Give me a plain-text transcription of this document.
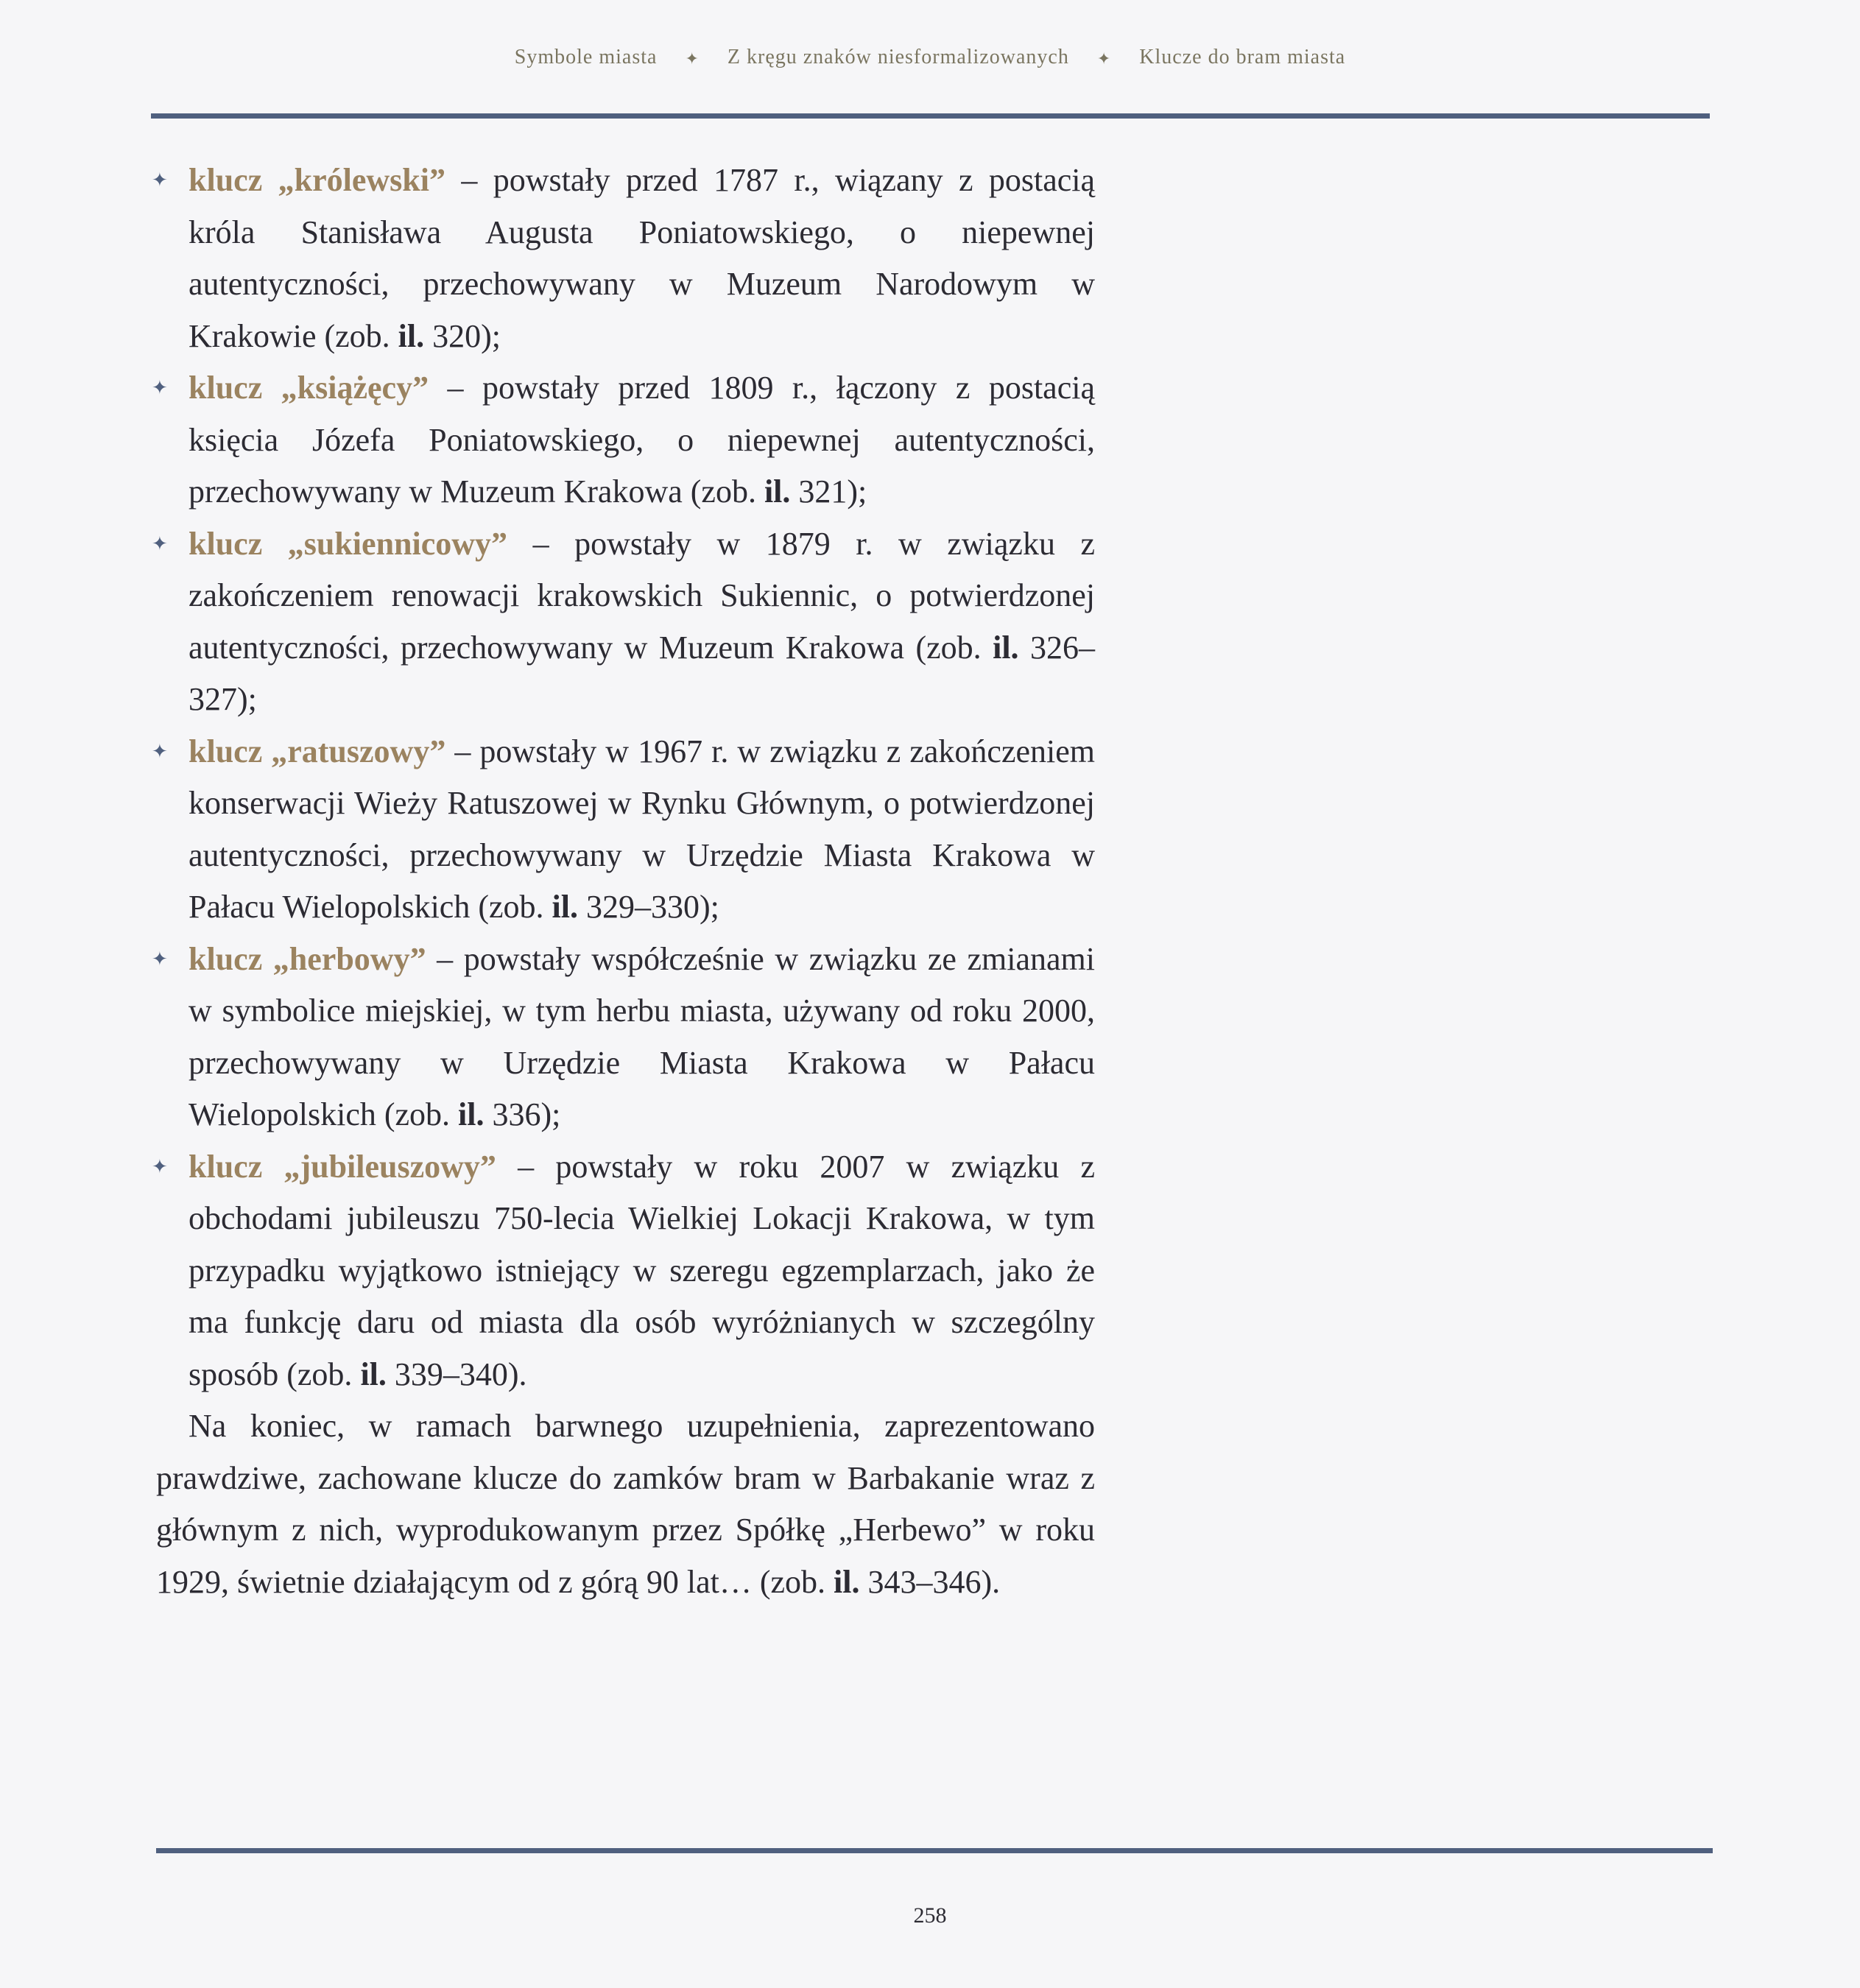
Symbole miasta ✦ Z kręgu znaków niesformalizowanych ✦ Klucze do bram miasta
✦ klucz „królewski” – powstały przed 1787 r., wiązany z postacią króla Stanisława Augusta Poniatowskiego, o niepewnej autentyczności, przechowywany w Muzeum Narodowym w Krakowie (zob. il. 320);
✦ klucz „książęcy” – powstały przed 1809 r., łączony z postacią księcia Józefa Poniatowskiego, o niepewnej autentyczności, przechowywany w Muzeum Krakowa (zob. il. 321);
✦ klucz „sukiennicowy” – powstały w 1879 r. w związku z zakończeniem renowacji krakowskich Sukiennic, o potwierdzonej autentyczności, przechowywany w Muzeum Krakowa (zob. il. 326–327);
✦ klucz „ratuszowy” – powstały w 1967 r. w związku z zakończeniem konserwacji Wieży Ratuszowej w Rynku Głównym, o potwierdzonej autentyczności, przechowywany w Urzędzie Miasta Krakowa w Pałacu Wielopolskich (zob. il. 329–330);
✦ klucz „herbowy” – powstały współcześnie w związku ze zmianami w symbolice miejskiej, w tym herbu miasta, używany od roku 2000, przechowywany w Urzędzie Miasta Krakowa w Pałacu Wielopolskich (zob. il. 336);
✦ klucz „jubileuszowy” – powstały w roku 2007 w związku z obchodami jubileuszu 750-lecia Wielkiej Lokacji Krakowa, w tym przypadku wyjątkowo istniejący w szeregu egzemplarzach, jako że ma funkcję daru od miasta dla osób wyróżnianych w szczególny sposób (zob. il. 339–340).

Na koniec, w ramach barwnego uzupełnienia, zaprezentowano prawdziwe, zachowane klucze do zamków bram w Barbakanie wraz z głównym z nich, wyprodukowanym przez Spółkę „Herbewo” w roku 1929, świetnie działającym od z górą 90 lat… (zob. il. 343–346).

258
